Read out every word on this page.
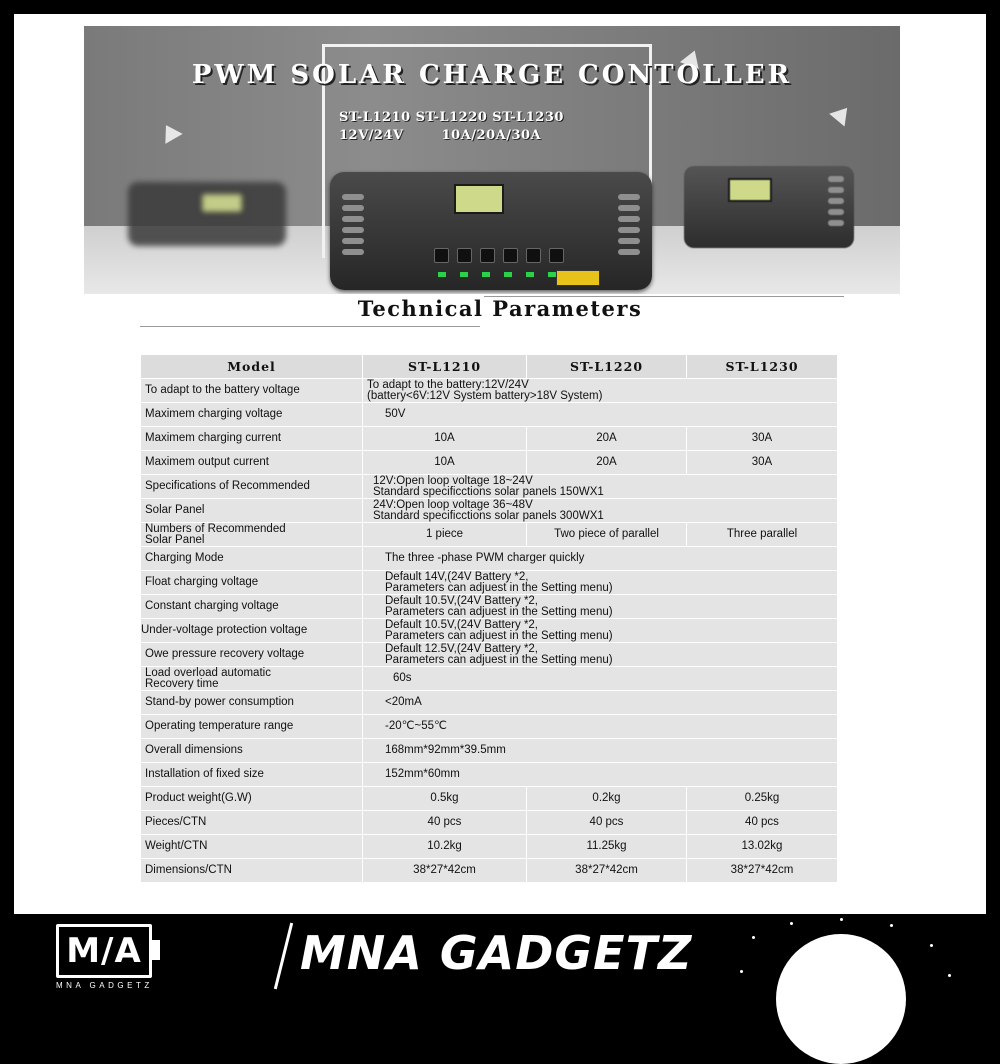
PWM SOLAR CHARGE CONTOLLER
ST-L1210 ST-L1220 ST-L1230
12V/24V	10A/20A/30A
Technical Parameters
Model	ST-L1210	ST-L1220	ST-L1230
To adapt to the battery voltage	To adapt to the battery:12V/24V
(battery<6V:12V System battery>18V System)		

Maximem charging voltage	50V		
Maximem charging current	10A	20A	30A
Maximem output current	10A	20A	30A
Specifications of Recommended	12V:Open loop voltage 18~24V
Standard specificctions solar panels 150WX1		

Solar Panel	24V:Open loop voltage 36~48V
Standard specificctions solar panels 300WX1		

Numbers of Recommended
Solar Panel	1 piece	Two piece of parallel	Three parallel
Charging Mode	The three -phase PWM charger quickly		
Float charging voltage	Default 14V,(24V Battery *2,
Parameters can adjuest in the Setting menu)		

Constant charging voltage	Default 10.5V,(24V Battery *2,
Parameters can adjuest in the Setting menu)		

Under-voltage protection voltage	Default 10.5V,(24V Battery *2,
Parameters can adjuest in the Setting menu)		

Owe pressure recovery voltage	Default 12.5V,(24V Battery *2,
Parameters can adjuest in the Setting menu)		

Load overload automatic
Recovery time	60s		
Stand-by power consumption	<20mA		
Operating temperature range	-20℃~55℃		
Overall dimensions	168mm*92mm*39.5mm		
Installation of fixed size	152mm*60mm		
Product weight(G.W)	0.5kg	0.2kg	0.25kg
Pieces/CTN	40 pcs	40 pcs	40 pcs
Weight/CTN	10.2kg	11.25kg	13.02kg
Dimensions/CTN	38*27*42cm	38*27*42cm	38*27*42cm
M/A
MNA GADGETZ
MNA GADGETZ
